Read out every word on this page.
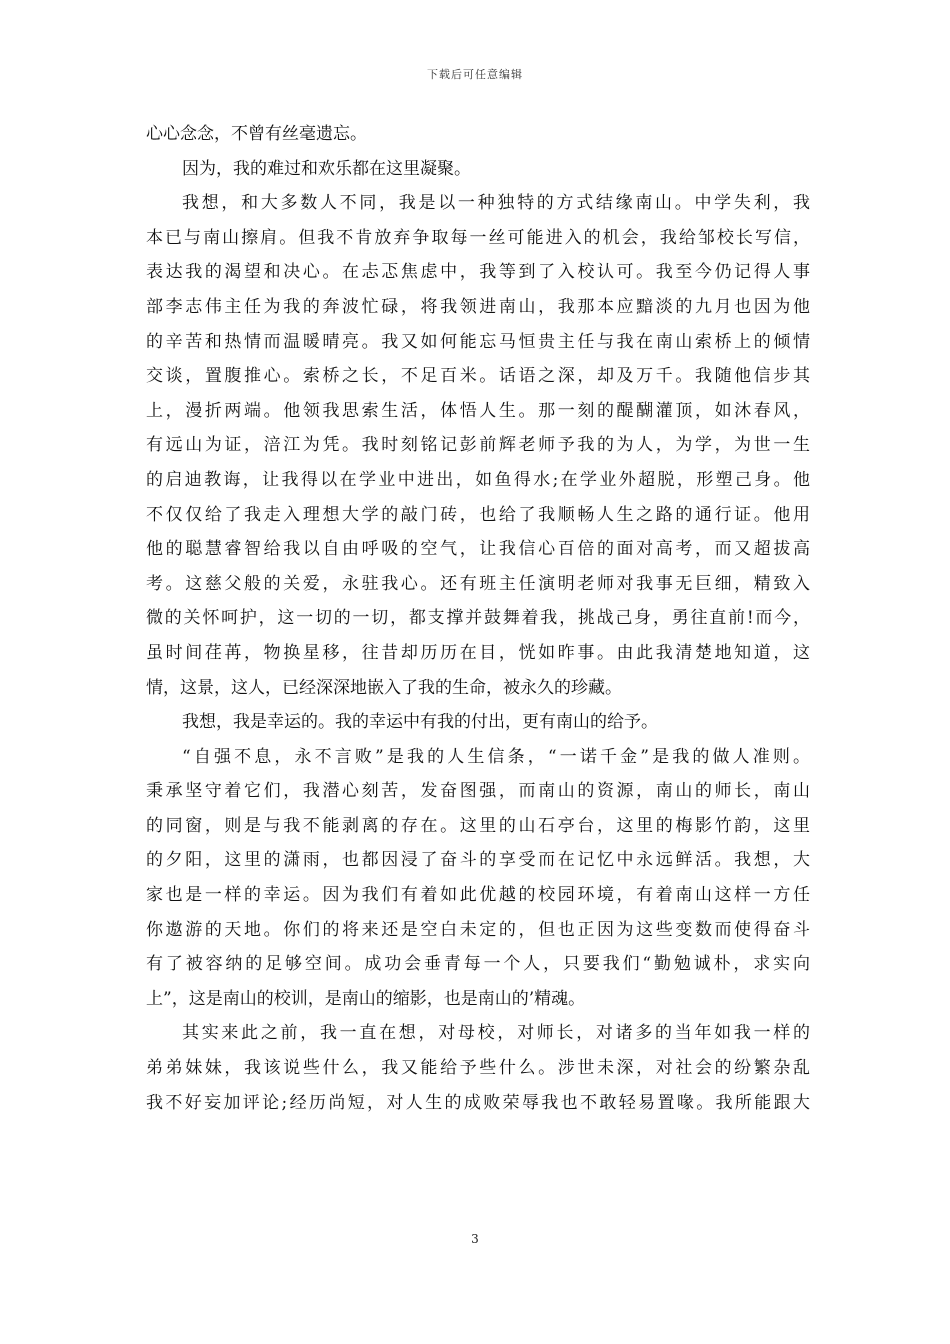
下载后可任意编辑
心心念念，不曾有丝毫遗忘。
因为，我的难过和欢乐都在这里凝聚。
我想，和大多数人不同，我是以一种独特的方式结缘南山。中学失利，我
本已与南山擦肩。但我不肯放弃争取每一丝可能进入的机会，我给邹校长写信，
表达我的渴望和决心。在忐忑焦虑中，我等到了入校认可。我至今仍记得人事
部李志伟主任为我的奔波忙碌，将我领进南山，我那本应黯淡的九月也因为他
的辛苦和热情而温暖晴亮。我又如何能忘马恒贵主任与我在南山索桥上的倾情
交谈，置腹推心。索桥之长，不足百米。话语之深，却及万千。我随他信步其
上，漫折两端。他领我思索生活，体悟人生。那一刻的醍醐灌顶，如沐春风，
有远山为证，涪江为凭。我时刻铭记彭前辉老师予我的为人，为学，为世一生
的启迪教诲，让我得以在学业中进出，如鱼得水;在学业外超脱，形塑己身。他
不仅仅给了我走入理想大学的敲门砖，也给了我顺畅人生之路的通行证。他用
他的聪慧睿智给我以自由呼吸的空气，让我信心百倍的面对高考，而又超拔高
考。这慈父般的关爱，永驻我心。还有班主任演明老师对我事无巨细，精致入
微的关怀呵护，这一切的一切，都支撑并鼓舞着我，挑战己身，勇往直前!而今，
虽时间荏苒，物换星移，往昔却历历在目，恍如昨事。由此我清楚地知道，这
情，这景，这人，已经深深地嵌入了我的生命，被永久的珍藏。
我想，我是幸运的。我的幸运中有我的付出，更有南山的给予。
“自强不息，永不言败”是我的人生信条，“一诺千金”是我的做人准则。
秉承坚守着它们，我潜心刻苦，发奋图强，而南山的资源，南山的师长，南山
的同窗，则是与我不能剥离的存在。这里的山石亭台，这里的梅影竹韵，这里
的夕阳，这里的潇雨，也都因浸了奋斗的享受而在记忆中永远鲜活。我想，大
家也是一样的幸运。因为我们有着如此优越的校园环境，有着南山这样一方任
你遨游的天地。你们的将来还是空白未定的，但也正因为这些变数而使得奋斗
有了被容纳的足够空间。成功会垂青每一个人，只要我们“勤勉诚朴，求实向
上”，这是南山的校训，是南山的缩影，也是南山的’精魂。
其实来此之前，我一直在想，对母校，对师长，对诸多的当年如我一样的
弟弟妹妹，我该说些什么，我又能给予些什么。涉世未深，对社会的纷繁杂乱
我不好妄加评论;经历尚短，对人生的成败荣辱我也不敢轻易置喙。我所能跟大
3
